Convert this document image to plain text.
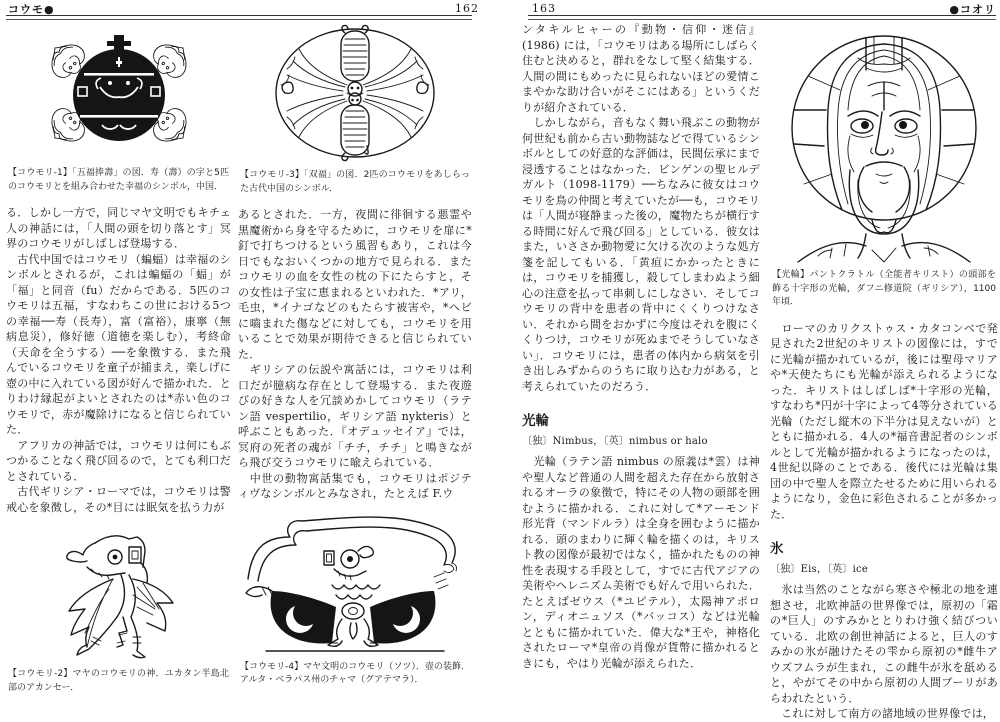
コウモ●	162	163	●コオリ

【コウモリ-1】「五福捧壽」の図．寿（壽）の字と5匹のコウモリとを組み合わせた幸福のシンボル，中国．

る．しかし一方で，同じマヤ文明でもキチェ人の神話には，「人間の頭を切り落とす」冥界のコウモリがしばしば登場する．

　古代中国ではコウモリ（蝙蝠）は幸福のシンボルとされるが，これは蝙蝠の「蝠」が「福」と同音（fu）だからである．5匹のコウモリは五福，すなわちこの世における5つの幸福──寿（長寿），富（富裕），康寧（無病息災），修好徳（道徳を楽しむ），考終命（天命を全うする）──を象徴する．また飛んでいるコウモリを童子が捕まえ，楽しげに壺の中に入れている図が好んで描かれた．とりわけ縁起がよいとされたのは*赤い色のコウモリで，赤が魔除けになると信じられていた．

　アフリカの神話では，コウモリは何にもぶつかることなく飛び回るので，とても利口だとされている．

　古代ギリシア・ローマでは，コウモリは警戒心を象徴し，その*目には眠気を払う力が

【コウモリ-2】マヤのコウモリの神．ユカタン半島北部のアカンセー．

【コウモリ-3】「双福」の図．2匹のコウモリをあしらった古代中国のシンボル．

あるとされた．一方，夜間に徘徊する悪霊や黒魔術から身を守るために，コウモリを扉に*釘で打ちつけるという風習もあり，これは今日でもなおいくつかの地方で見られる．またコウモリの血を女性の枕の下にたらすと，その女性は子宝に恵まれるといわれた．*アリ，毛虫，*イナゴなどのもたらす被害や，*ヘビに嚙まれた傷などに対しても，コウモリを用いることで効果が期待できると信じられていた．

　ギリシアの伝説や寓話には，コウモリは利口だが臆病な存在として登場する．また夜遊びの好きな人を冗談めかしてコウモリ（ラテン語 vespertilio，ギリシア語 nykteris）と呼ぶこともあった．『オデュッセイア』では，冥府の死者の魂が「チチ，チチ」と鳴きながら飛び交うコウモリに喩えられている．

　中世の動物寓話集でも，コウモリはポジティヴなシンボルとみなされ，たとえば F.ウ

【コウモリ-4】マヤ文明のコウモリ（ソツ）．壺の装飾．アルタ・ベラパス州のチャマ（グアテマラ）．

ンタキルヒャーの『動物・信仰・迷信』(1986) には，「コウモリはある場所にしばらく住むと決めると，群れをなして堅く結集する．人間の間にもめったに見られないほどの愛情こまやかな助け合いがそこにはある」というくだりが紹介されている．

　しかしながら，音もなく舞い飛ぶこの動物が何世紀も前から古い動物誌などで得ているシンボルとしての好意的な評価は，民間伝承にまで浸透することはなかった．ビンゲンの聖ヒルデガルト（1098-1179）──ちなみに彼女はコウモリを鳥の仲間と考えていたが──も，コウモリは「人間が寝静まった後の，魔物たちが横行する時間に好んで飛び回る」としている．彼女はまた，いささか動物愛に欠ける次のような処方箋を記してもいる．「黄疸にかかったときには，コウモリを捕獲し，殺してしまわぬよう細心の注意を払って串刺しにしなさい．そしてコウモリの背中を患者の背中にくくりつけなさい．それから間をおかずに今度はそれを腹にくくりつけ，コウモリが死ぬまでそうしていなさい」．コウモリには，患者の体内から病気を引き出しみずからのうちに取り込む力がある，と考えられていたのだろう．

光輪
〔独〕Nimbus，〔英〕nimbus or halo

　光輪（ラテン語 nimbus の原義は*雲）は神や聖人など普通の人間を超えた存在から放射されるオーラの象徴で，特にその人物の頭部を囲むように描かれる．これに対して*アーモンド形光背（マンドルラ）は全身を囲むように描かれる．頭のまわりに輝く輪を描くのは，キリスト教の図像が最初ではなく，描かれたものの神性を表現する手段として，すでに古代アジアの美術やヘレニズム美術でも好んで用いられた．たとえばゼウス（*ユピテル），太陽神アポロン，ディオニュソス（*バッコス）などは光輪とともに描かれていた．偉大な*王や，神格化されたローマ*皇帝の肖像が貨幣に描かれるときにも，やはり光輪が添えられた．

【光輪】パントクラトル（全能者キリスト）の頭部を飾る十字形の光輪，ダフニ修道院（ギリシア），1100年頃．

　ローマのカリクストゥス・カタコンベで発見された2世紀のキリストの図像には，すでに光輪が描かれているが，後には聖母マリアや*天使たちにも光輪が添えられるようになった．キリストはしばしば*十字形の光輪，すなわち*円が十字によって4等分されている光輪（ただし縦木の下半分は見えないが）とともに描かれる．4人の*福音書記者のシンボルとして光輪が描かれるようになったのは，4世紀以降のことである．後代には光輪は集団の中で聖人を際立たせるために用いられるようになり，金色に彩色されることが多かった．

氷
〔独〕Eis，〔英〕ice

　氷は当然のことながら寒さや極北の地を連想させ，北欧神話の世界像では，原初の「霜の*巨人」のすみかととりわけ強く結びついている．北欧の創世神話によると，巨人のすみかの氷が融けたその雫から原初の*雌牛アウズフムラが生まれ，この雌牛が氷を舐めると，やがてその中から原初の人間ブーリがあらわれたという．

　これに対して南方の諸地域の世界像では，
